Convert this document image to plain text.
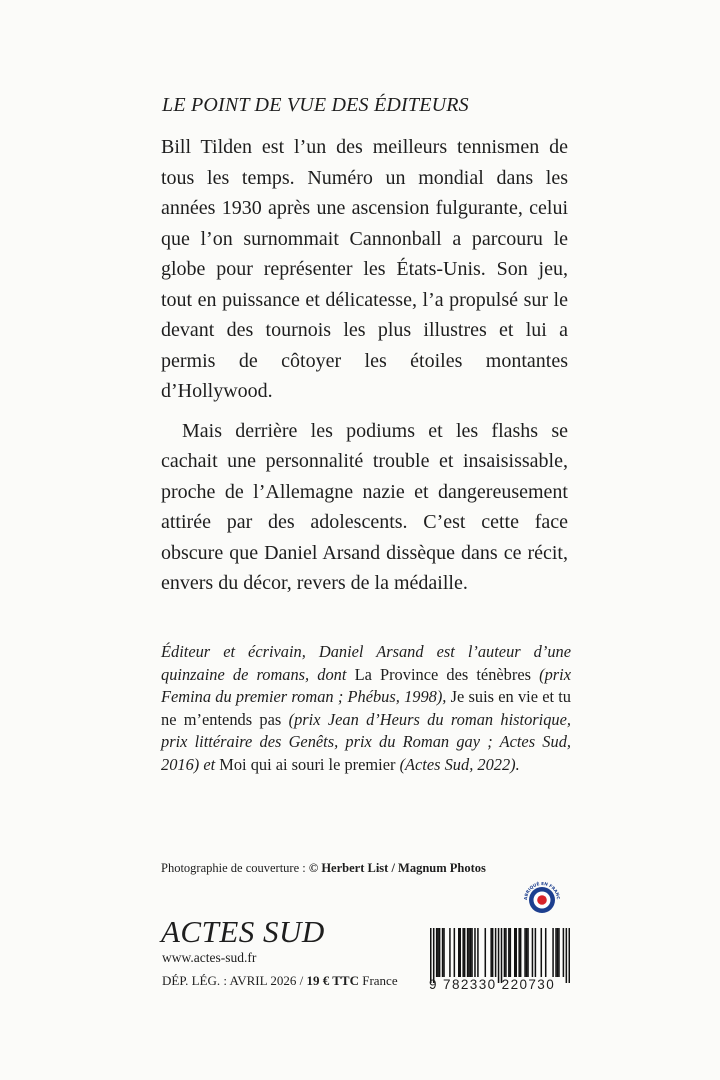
LE POINT DE VUE DES ÉDITEURS

Bill Tilden est l’un des meilleurs tennismen de tous les temps. Numéro un mondial dans les années 1930 après une ascension fulgurante, celui que l’on surnommait Cannonball a parcouru le globe pour représenter les États-Unis. Son jeu, tout en puissance et délicatesse, l’a propulsé sur le devant des tournois les plus illustres et lui a permis de côtoyer les étoiles montantes d’Hollywood.

Mais derrière les podiums et les flashs se cachait une personnalité trouble et insaisissable, proche de l’Allemagne nazie et dangereusement attirée par des adolescents. C’est cette face obscure que Daniel Arsand dissèque dans ce récit, envers du décor, revers de la médaille.

Éditeur et écrivain, Daniel Arsand est l’auteur d’une quinzaine de romans, dont La Province des ténèbres (prix Femina du premier roman ; Phébus, 1998), Je suis en vie et tu ne m’entends pas (prix Jean d’Heurs du roman historique, prix littéraire des Genêts, prix du Roman gay ; Actes Sud, 2016) et Moi qui ai souri le premier (Actes Sud, 2022).
Photographie de couverture : © Herbert List / Magnum Photos
ACTES SUD
www.actes-sud.fr
DÉP. LÉG. : AVRIL 2026 / 19 € TTC France
ABRIQUÉ EN FRANC
9 782330 220730
